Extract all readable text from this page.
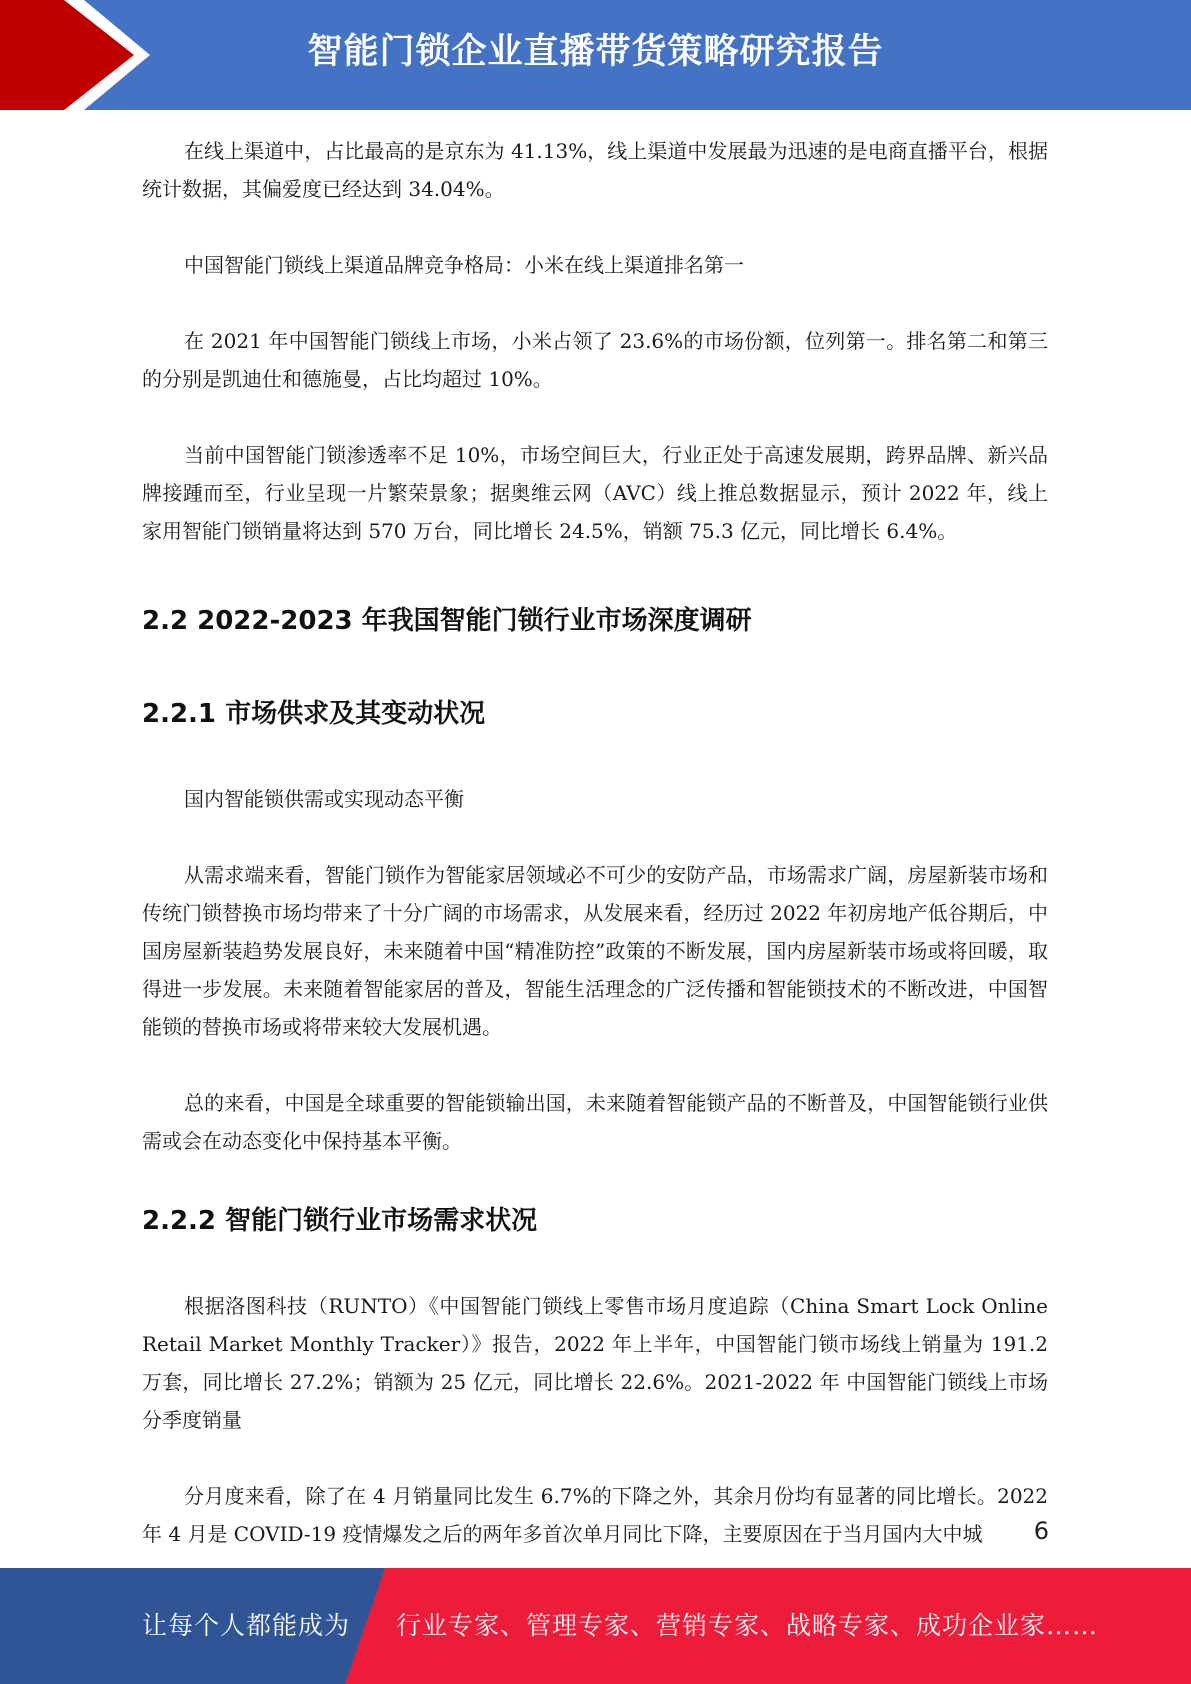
智能门锁企业直播带货策略研究报告

在线上渠道中，占比最高的是京东为 41.13%，线上渠道中发展最为迅速的是电商直播平台，根据统计数据，其偏爱度已经达到 34.04%。

中国智能门锁线上渠道品牌竞争格局：小米在线上渠道排名第一

在 2021 年中国智能门锁线上市场，小米占领了 23.6%的市场份额，位列第一。排名第二和第三的分别是凯迪仕和德施曼，占比均超过 10%。

当前中国智能门锁渗透率不足 10%，市场空间巨大，行业正处于高速发展期，跨界品牌、新兴品牌接踵而至，行业呈现一片繁荣景象；据奥维云网（AVC）线上推总数据显示，预计 2022 年，线上家用智能门锁销量将达到 570 万台，同比增长 24.5%，销额 75.3 亿元，同比增长 6.4%。

2.2 2022-2023 年我国智能门锁行业市场深度调研
2.2.1 市场供求及其变动状况

国内智能锁供需或实现动态平衡

从需求端来看，智能门锁作为智能家居领域必不可少的安防产品，市场需求广阔，房屋新装市场和传统门锁替换市场均带来了十分广阔的市场需求，从发展来看，经历过 2022 年初房地产低谷期后，中国房屋新装趋势发展良好，未来随着中国“精准防控”政策的不断发展，国内房屋新装市场或将回暖，取得进一步发展。未来随着智能家居的普及，智能生活理念的广泛传播和智能锁技术的不断改进，中国智能锁的替换市场或将带来较大发展机遇。

总的来看，中国是全球重要的智能锁输出国，未来随着智能锁产品的不断普及，中国智能锁行业供需或会在动态变化中保持基本平衡。

2.2.2 智能门锁行业市场需求状况

根据洛图科技（RUNTO）《中国智能门锁线上零售市场月度追踪（China Smart Lock Online Retail Market Monthly Tracker）》报告，2022 年上半年，中国智能门锁市场线上销量为 191.2 万套，同比增长 27.2%；销额为 25 亿元，同比增长 22.6%。2021-2022 年 中国智能门锁线上市场分季度销量

分月度来看，除了在 4 月销量同比发生 6.7%的下降之外，其余月份均有显著的同比增长。2022 年 4 月是 COVID-19 疫情爆发之后的两年多首次单月同比下降，主要原因在于当月国内大中城	6
让每个人都能成为 行业专家、管理专家、营销专家、战略专家、成功企业家……
